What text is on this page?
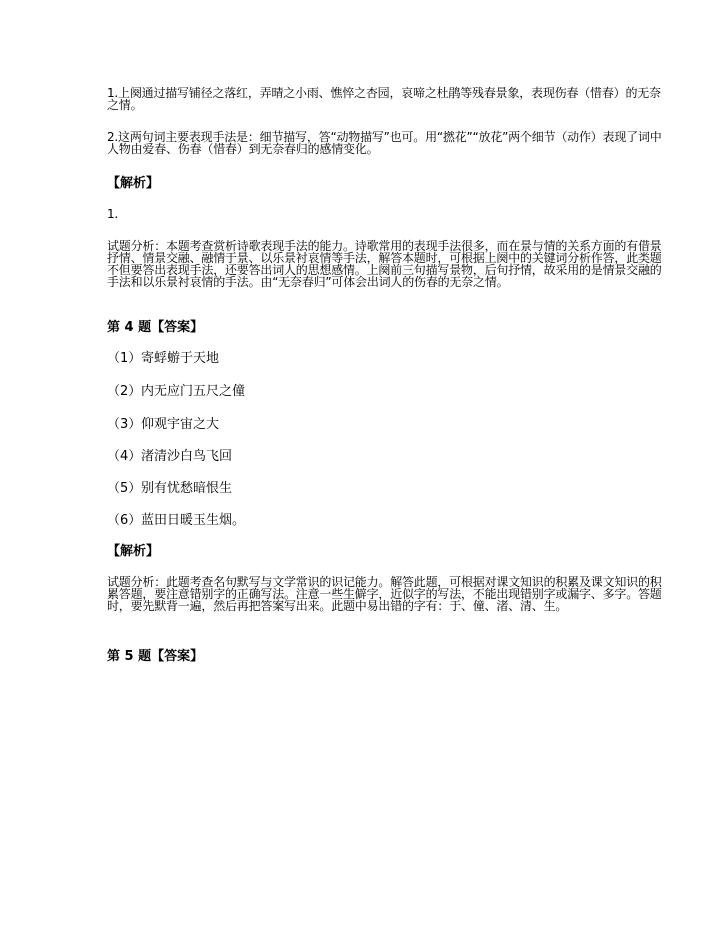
1.上阕通过描写铺径之落红，弄晴之小雨、憔悴之杏园，哀啼之杜鹃等残春景象，表现伤春（惜春）的无奈之情。

2.这两句词主要表现手法是：细节描写，答“动物描写”也可。用“撚花”“放花”两个细节（动作）表现了词中人物由爱春、伤春（惜春）到无奈春归的感情变化。

【解析】

1.

试题分析：本题考查赏析诗歌表现手法的能力。诗歌常用的表现手法很多，而在景与情的关系方面的有借景抒情、情景交融、融情于景、以乐景衬哀情等手法，解答本题时，可根据上阕中的关键词分析作答，此类题不但要答出表现手法，还要答出词人的思想感情。上阕前三句描写景物，后句抒情，故采用的是情景交融的手法和以乐景衬哀情的手法。由“无奈春归”可体会出词人的伤春的无奈之情。

第 4 题【答案】

（1）寄蜉蝣于天地

（2）内无应门五尺之僮

（3）仰观宇宙之大

（4）渚清沙白鸟飞回

（5）别有忧愁暗恨生

（6）蓝田日暖玉生烟。

【解析】

试题分析：此题考查名句默写与文学常识的识记能力。解答此题，可根据对课文知识的积累及课文知识的积累答题，要注意错别字的正确写法。注意一些生僻字，近似字的写法，不能出现错别字或漏字、多字。答题时，要先默背一遍，然后再把答案写出来。此题中易出错的字有：于、僮、渚、清、生。

第 5 题【答案】
